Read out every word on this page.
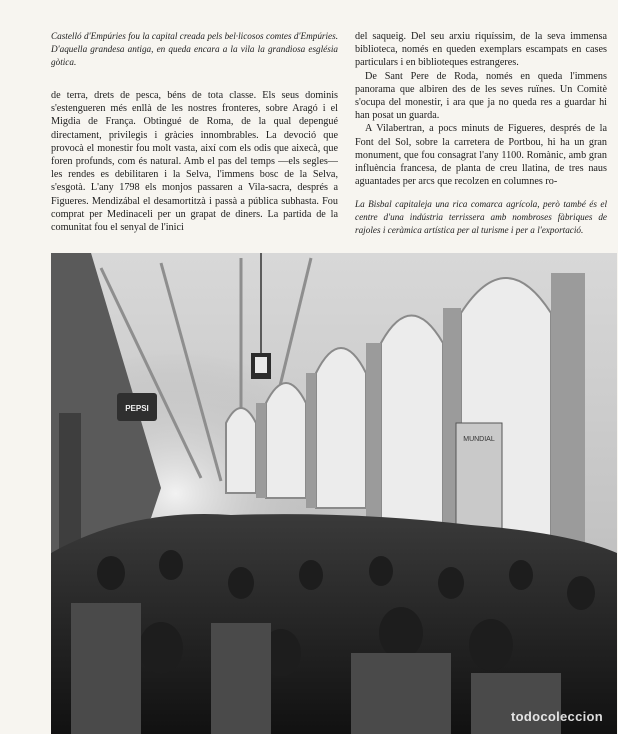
Castelló d'Empúries fou la capital creada pels bel·licosos comtes d'Empúries. D'aquella grandesa antiga, en queda encara a la vila la grandiosa església gòtica.

de terra, drets de pesca, béns de tota classe. Els seus dominis s'estengueren més enllà de les nostres fronteres, sobre Aragó i el Migdia de França. Obtingué de Roma, de la qual depengué directament, privilegis i gràcies innombrables. La devoció que provocà el monestir fou molt vasta, així com els odis que aixecà, que foren profunds, com és natural. Amb el pas del temps —els segles— les rendes es debilitaren i la Selva, l'immens bosc de la Selva, s'esgotà. L'any 1798 els monjos passaren a Vila-sacra, després a Figueres. Mendizábal el desamortitzà i passà a pública subhasta. Fou comprat per Medinaceli per un grapat de diners. La partida de la comunitat fou el senyal de l'inici

del saqueig. Del seu arxiu riquíssim, de la seva immensa biblioteca, només en queden exemplars escampats en cases particulars i en biblioteques estrangeres.

De Sant Pere de Roda, només en queda l'immens panorama que albiren des de les seves ruïnes. Un Comitè s'ocupa del monestir, i ara que ja no queda res a guardar hi han posat un guarda.

A Vilabertran, a pocs minuts de Figueres, després de la Font del Sol, sobre la carretera de Portbou, hi ha un gran monument, que fou consagrat l'any 1100. Romànic, amb gran influència francesa, de planta de creu llatina, de tres naus aguantades per arcs que recolzen en columnes ro-

La Bisbal capitaleja una rica comarca agrícola, però també és el centre d'una indústria terrissera amb nombroses fàbriques de rajoles i ceràmica artística per al turisme i per a l'exportació.

PEPSI
MUNDIAL
todocoleccion
